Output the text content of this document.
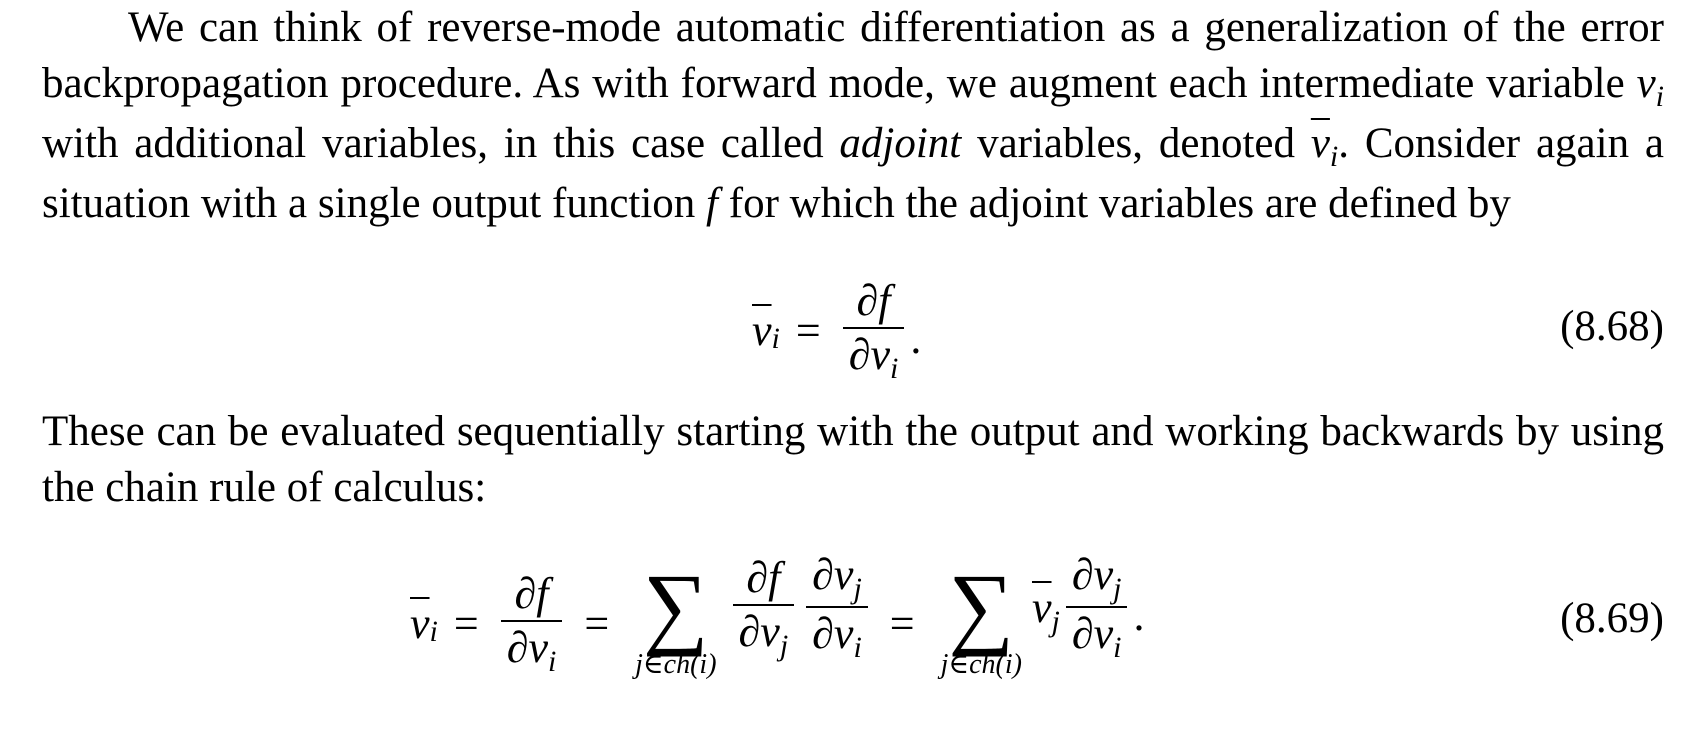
We can think of reverse-mode automatic differentiation as a generalization of the error backpropagation procedure. As with forward mode, we augment each intermediate variable $v_i$ with additional variables, in this case called adjoint variables, denoted $\overline{v}_i$. Consider again a situation with a single output function f for which the adjoint variables are defined by

$\overline{v}$ $i = \frac{\partial f}{\partial v_i}$ .	(8.68)

These can be evaluated sequentially starting with the output and working backwards by using the chain rule of calculus:

$\overline{v}$ $i = \frac{\partial f}{\partial v_i}$ = ∑
j∈ch(i)
$\frac{\partial f}{\partial v_j} \frac{\partial v_j}{\partial v_i}$ = ∑
j∈ch(i)
$\overline{v}_j \frac{\partial v_j}{\partial v_i}$ .	(8.69)
